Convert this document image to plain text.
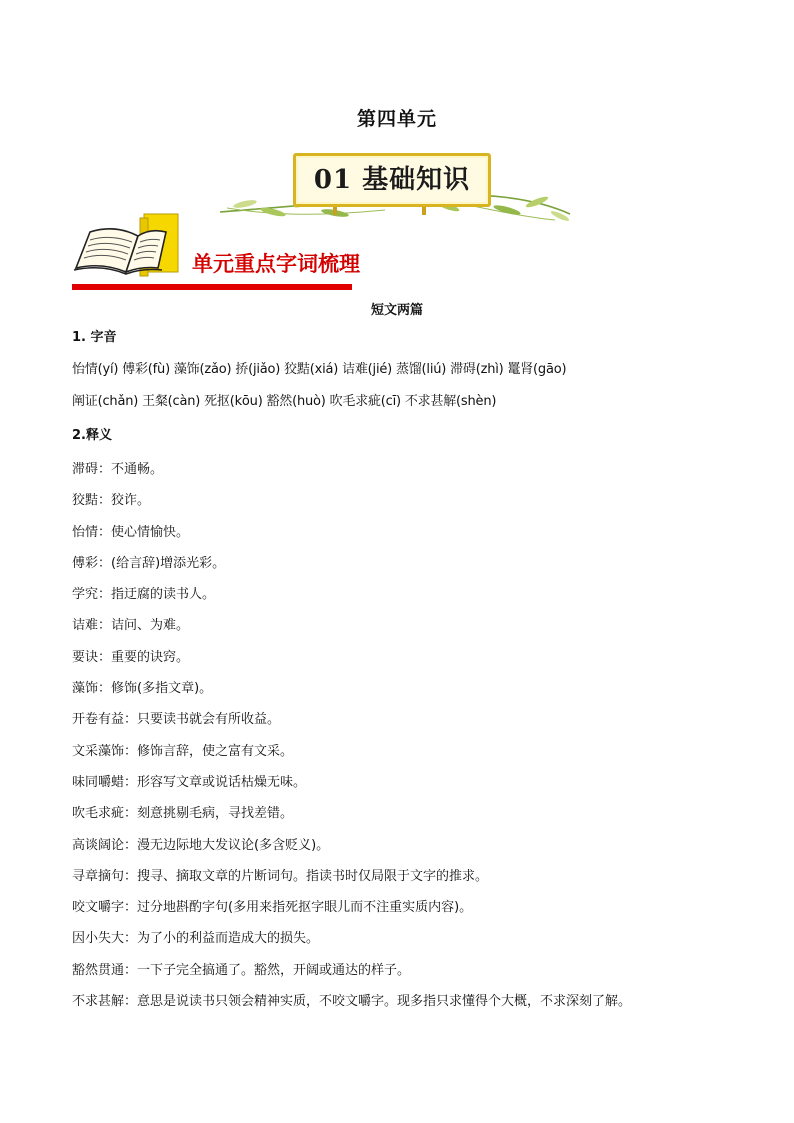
第四单元
01 基础知识
单元重点字词梳理
短文两篇
1. 字音
怡情(yí) 傅彩(fù) 藻饰(zǎo) 挢(jiǎo) 狡黠(xiá) 诘难(jié) 蒸馏(liú) 滞碍(zhì) 鼍肾(gāo)
阐证(chǎn) 王粲(càn) 死抠(kōu) 豁然(huò) 吹毛求疵(cī) 不求甚解(shèn)
2.释义
滞碍：不通畅。
狡黠：狡诈。
怡情：使心情愉快。
傅彩：(给言辞)增添光彩。
学究：指迂腐的读书人。
诘难：诘问、为难。
要诀：重要的诀窍。
藻饰：修饰(多指文章)。
开卷有益：只要读书就会有所收益。
文采藻饰：修饰言辞，使之富有文采。
味同嚼蜡：形容写文章或说话枯燥无味。
吹毛求疵：刻意挑剔毛病，寻找差错。
高谈阔论：漫无边际地大发议论(多含贬义)。
寻章摘句：搜寻、摘取文章的片断词句。指读书时仅局限于文字的推求。
咬文嚼字：过分地斟酌字句(多用来指死抠字眼儿而不注重实质内容)。
因小失大：为了小的利益而造成大的损失。
豁然贯通：一下子完全搞通了。豁然，开阔或通达的样子。
不求甚解：意思是说读书只领会精神实质，不咬文嚼字。现多指只求懂得个大概，不求深刻了解。
